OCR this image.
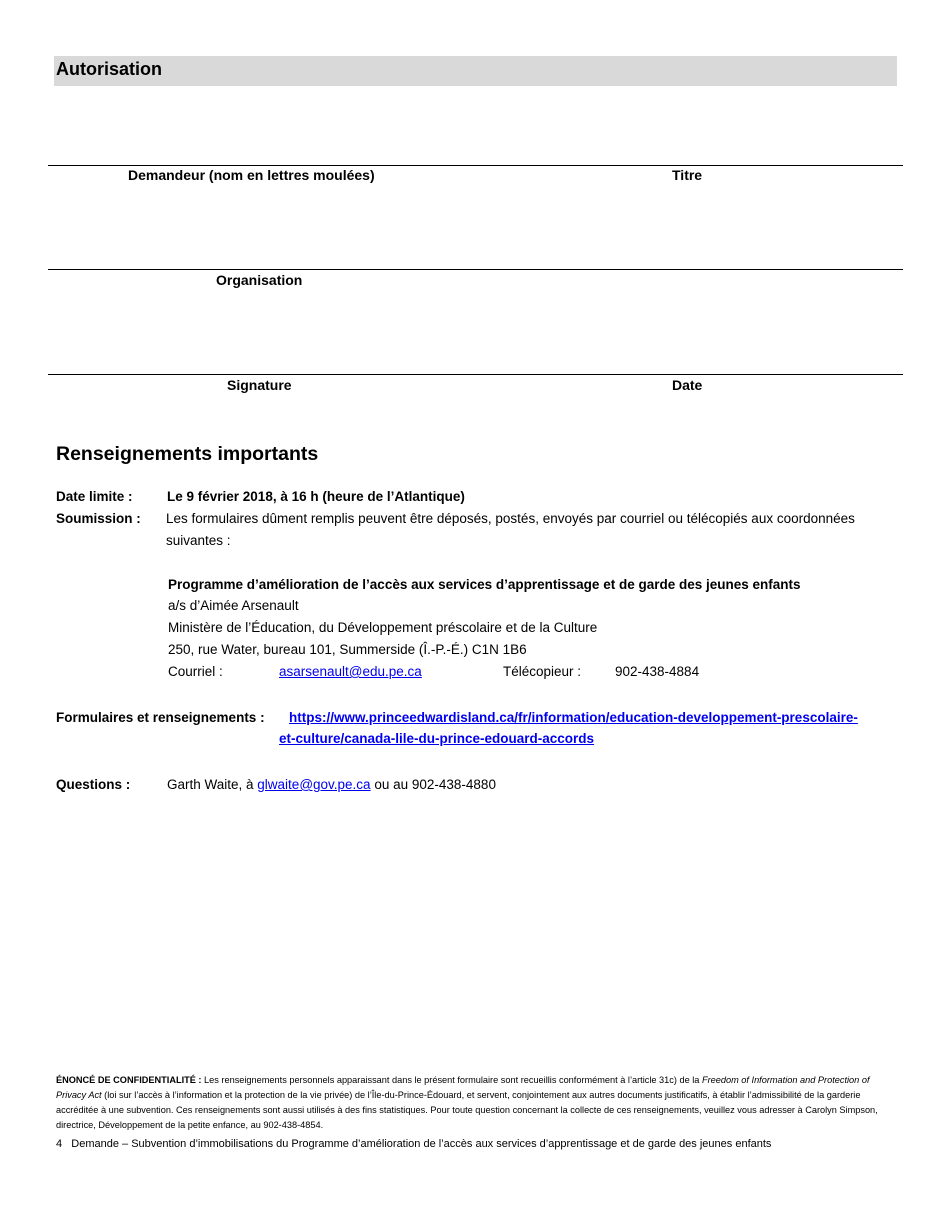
Autorisation
Demandeur (nom en lettres moulées)	Titre
Organisation
Signature	Date
Renseignements importants
Date limite :	Le 9 février 2018, à 16 h (heure de l’Atlantique)
Soumission : Les formulaires dûment remplis peuvent être déposés, postés, envoyés par courriel ou télécopiés aux coordonnées
suivantes :
Programme d’amélioration de l’accès aux services d’apprentissage et de garde des jeunes enfants
a/s d’Aimée Arsenault
Ministère de l’Éducation, du Développement préscolaire et de la Culture
250, rue Water, bureau 101, Summerside (Î.-P.-É.) C1N 1B6
Courriel :	asarsenault@edu.pe.ca	Télécopieur :	902-438-4884
Formulaires et renseignements : https://www.princeedwardisland.ca/fr/information/education-developpement-prescolaire-
et-culture/canada-lile-du-prince-edouard-accords
Questions :	Garth Waite, à glwaite@gov.pe.ca ou au 902-438-4880
ÉNONCÉ DE CONFIDENTIALITÉ : Les renseignements personnels apparaissant dans le présent formulaire sont recueillis conformément à l’article 31c) de la Freedom of Information and Protection of Privacy Act (loi sur l’accès à l’information et la protection de la vie privée) de l’Île-du-Prince-Édouard, et servent, conjointement aux autres documents justificatifs, à établir l’admissibilité de la garderie accréditée à une subvention. Ces renseignements sont aussi utilisés à des fins statistiques. Pour toute question concernant la collecte de ces renseignements, veuillez vous adresser à Carolyn Simpson, directrice, Développement de la petite enfance, au 902-438-4854.
4 Demande – Subvention d’immobilisations du Programme d’amélioration de l’accès aux services d’apprentissage et de garde des jeunes enfants
